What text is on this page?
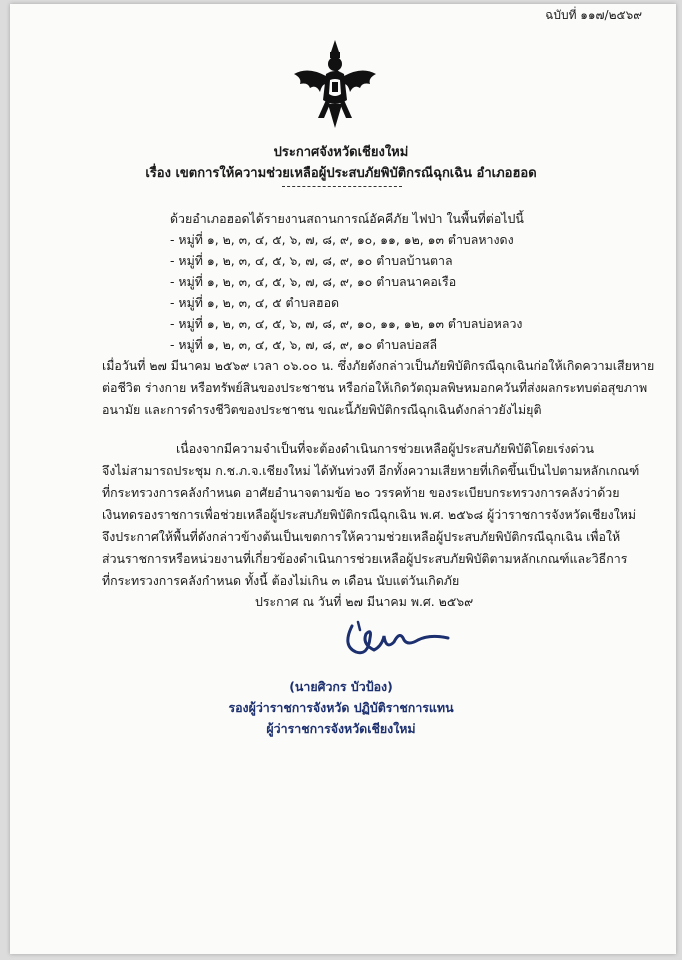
ฉบับที่ ๑๑๗/๒๕๖๙
ประกาศจังหวัดเชียงใหม่
เรื่อง เขตการให้ความช่วยเหลือผู้ประสบภัยพิบัติกรณีฉุกเฉิน อำเภอฮอด
ด้วยอำเภอฮอดได้รายงานสถานการณ์อัคคีภัย ไฟป่า ในพื้นที่ต่อไปนี้
- หมู่ที่ ๑, ๒, ๓, ๔, ๕, ๖, ๗, ๘, ๙, ๑๐, ๑๑, ๑๒, ๑๓ ตำบลหางดง
- หมู่ที่ ๑, ๒, ๓, ๔, ๕, ๖, ๗, ๘, ๙, ๑๐ ตำบลบ้านตาล
- หมู่ที่ ๑, ๒, ๓, ๔, ๕, ๖, ๗, ๘, ๙, ๑๐ ตำบลนาคอเรือ
- หมู่ที่ ๑, ๒, ๓, ๔, ๕ ตำบลฮอด
- หมู่ที่ ๑, ๒, ๓, ๔, ๕, ๖, ๗, ๘, ๙, ๑๐, ๑๑, ๑๒, ๑๓ ตำบลบ่อหลวง
- หมู่ที่ ๑, ๒, ๓, ๔, ๕, ๖, ๗, ๘, ๙, ๑๐ ตำบลบ่อสลี
เมื่อวันที่ ๒๗ มีนาคม ๒๕๖๙ เวลา ๐๖.๐๐ น. ซึ่งภัยดังกล่าวเป็นภัยพิบัติกรณีฉุกเฉินก่อให้เกิดความเสียหาย
ต่อชีวิต ร่างกาย หรือทรัพย์สินของประชาชน หรือก่อให้เกิดวัตถุมลพิษหมอกควันที่ส่งผลกระทบต่อสุขภาพ
อนามัย และการดำรงชีวิตของประชาชน ขณะนี้ภัยพิบัติกรณีฉุกเฉินดังกล่าวยังไม่ยุติ
เนื่องจากมีความจำเป็นที่จะต้องดำเนินการช่วยเหลือผู้ประสบภัยพิบัติโดยเร่งด่วน
จึงไม่สามารถประชุม ก.ช.ภ.จ.เชียงใหม่ ได้ทันท่วงที อีกทั้งความเสียหายที่เกิดขึ้นเป็นไปตามหลักเกณฑ์
ที่กระทรวงการคลังกำหนด อาศัยอำนาจตามข้อ ๒๐ วรรคท้าย ของระเบียบกระทรวงการคลังว่าด้วย
เงินทดรองราชการเพื่อช่วยเหลือผู้ประสบภัยพิบัติกรณีฉุกเฉิน พ.ศ. ๒๕๖๘ ผู้ว่าราชการจังหวัดเชียงใหม่
จึงประกาศให้พื้นที่ดังกล่าวข้างต้นเป็นเขตการให้ความช่วยเหลือผู้ประสบภัยพิบัติกรณีฉุกเฉิน เพื่อให้
ส่วนราชการหรือหน่วยงานที่เกี่ยวข้องดำเนินการช่วยเหลือผู้ประสบภัยพิบัติตามหลักเกณฑ์และวิธีการ
ที่กระทรวงการคลังกำหนด ทั้งนี้ ต้องไม่เกิน ๓ เดือน นับแต่วันเกิดภัย
ประกาศ ณ วันที่ ๒๗ มีนาคม พ.ศ. ๒๕๖๙
(นายศิวกร บัวป้อง)
รองผู้ว่าราชการจังหวัด ปฏิบัติราชการแทน
ผู้ว่าราชการจังหวัดเชียงใหม่
